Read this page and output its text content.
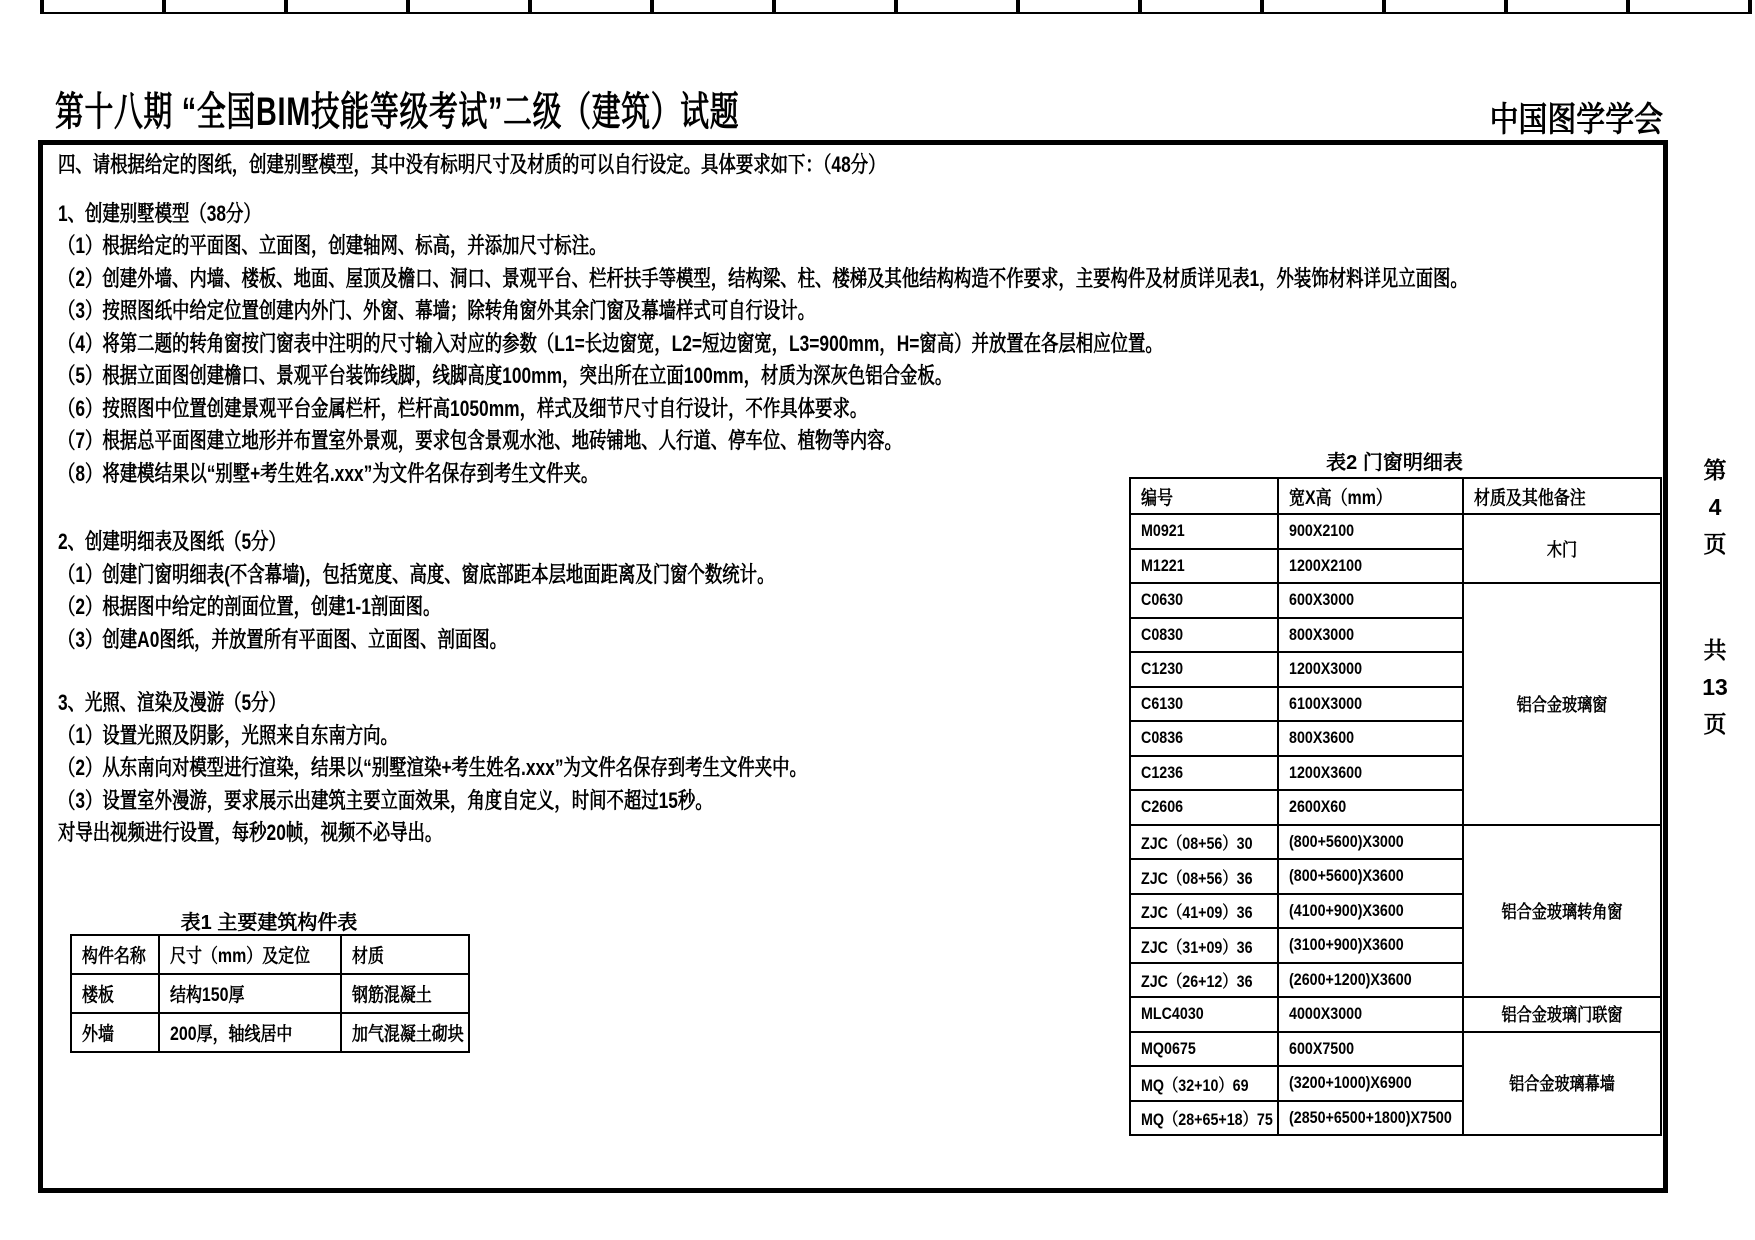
第十八期 “全国BIM技能等级考试”二级（建筑）试题	中国图学学会
四、请根据给定的图纸，创建别墅模型，其中没有标明尺寸及材质的可以自行设定。具体要求如下：（48分）
1、创建别墅模型（38分）
（1）根据给定的平面图、立面图，创建轴网、标高，并添加尺寸标注。
（2）创建外墙、内墙、楼板、地面、屋顶及檐口、洞口、景观平台、栏杆扶手等模型，结构梁、柱、楼梯及其他结构构造不作要求，主要构件及材质详见表1，外装饰材料详见立面图。
（3）按照图纸中给定位置创建内外门、外窗、幕墙；除转角窗外其余门窗及幕墙样式可自行设计。
（4）将第二题的转角窗按门窗表中注明的尺寸输入对应的参数（L1=长边窗宽，L2=短边窗宽，L3=900mm，H=窗高）并放置在各层相应位置。
（5）根据立面图创建檐口、景观平台装饰线脚，线脚高度100mm，突出所在立面100mm，材质为深灰色铝合金板。
（6）按照图中位置创建景观平台金属栏杆，栏杆高1050mm，样式及细节尺寸自行设计，不作具体要求。
（7）根据总平面图建立地形并布置室外景观，要求包含景观水池、地砖铺地、人行道、停车位、植物等内容。
（8）将建模结果以“别墅+考生姓名.xxx”为文件名保存到考生文件夹。
2、创建明细表及图纸（5分）
（1）创建门窗明细表(不含幕墙)，包括宽度、高度、窗底部距本层地面距离及门窗个数统计。
（2）根据图中给定的剖面位置，创建1-1剖面图。
（3）创建A0图纸，并放置所有平面图、立面图、剖面图。
3、光照、渲染及漫游（5分）
（1）设置光照及阴影，光照来自东南方向。
（2）从东南向对模型进行渲染，结果以“别墅渲染+考生姓名.xxx”为文件名保存到考生文件夹中。
（3）设置室外漫游，要求展示出建筑主要立面效果，角度自定义，时间不超过15秒。
对导出视频进行设置，每秒20帧，视频不必导出。
表1 主要建筑构件表
构件名称	尺寸（mm）及定位	材质
楼板	结构150厚	钢筋混凝土
外墙	200厚，轴线居中	加气混凝土砌块
表2 门窗明细表
编号	宽X高（mm）	材质及其他备注
M0921	900X2100	木门
M1221	1200X2100	
C0630	600X3000	铝合金玻璃窗
C0830	800X3000	
C1230	1200X3000	
C6130	6100X3000	
C0836	800X3600	
C1236	1200X3600	
C2606	2600X60	
ZJC（08+56）30	(800+5600)X3000	铝合金玻璃转角窗
ZJC（08+56）36	(800+5600)X3600	
ZJC（41+09）36	(4100+900)X3600	
ZJC（31+09）36	(3100+900)X3600	
ZJC（26+12）36	(2600+1200)X3600	
MLC4030	4000X3000	铝合金玻璃门联窗
MQ0675	600X7500	铝合金玻璃幕墙
MQ（32+10）69	(3200+1000)X6900	
MQ（28+65+18）75	(2850+6500+1800)X7500	
第
4
页
共
13
页
